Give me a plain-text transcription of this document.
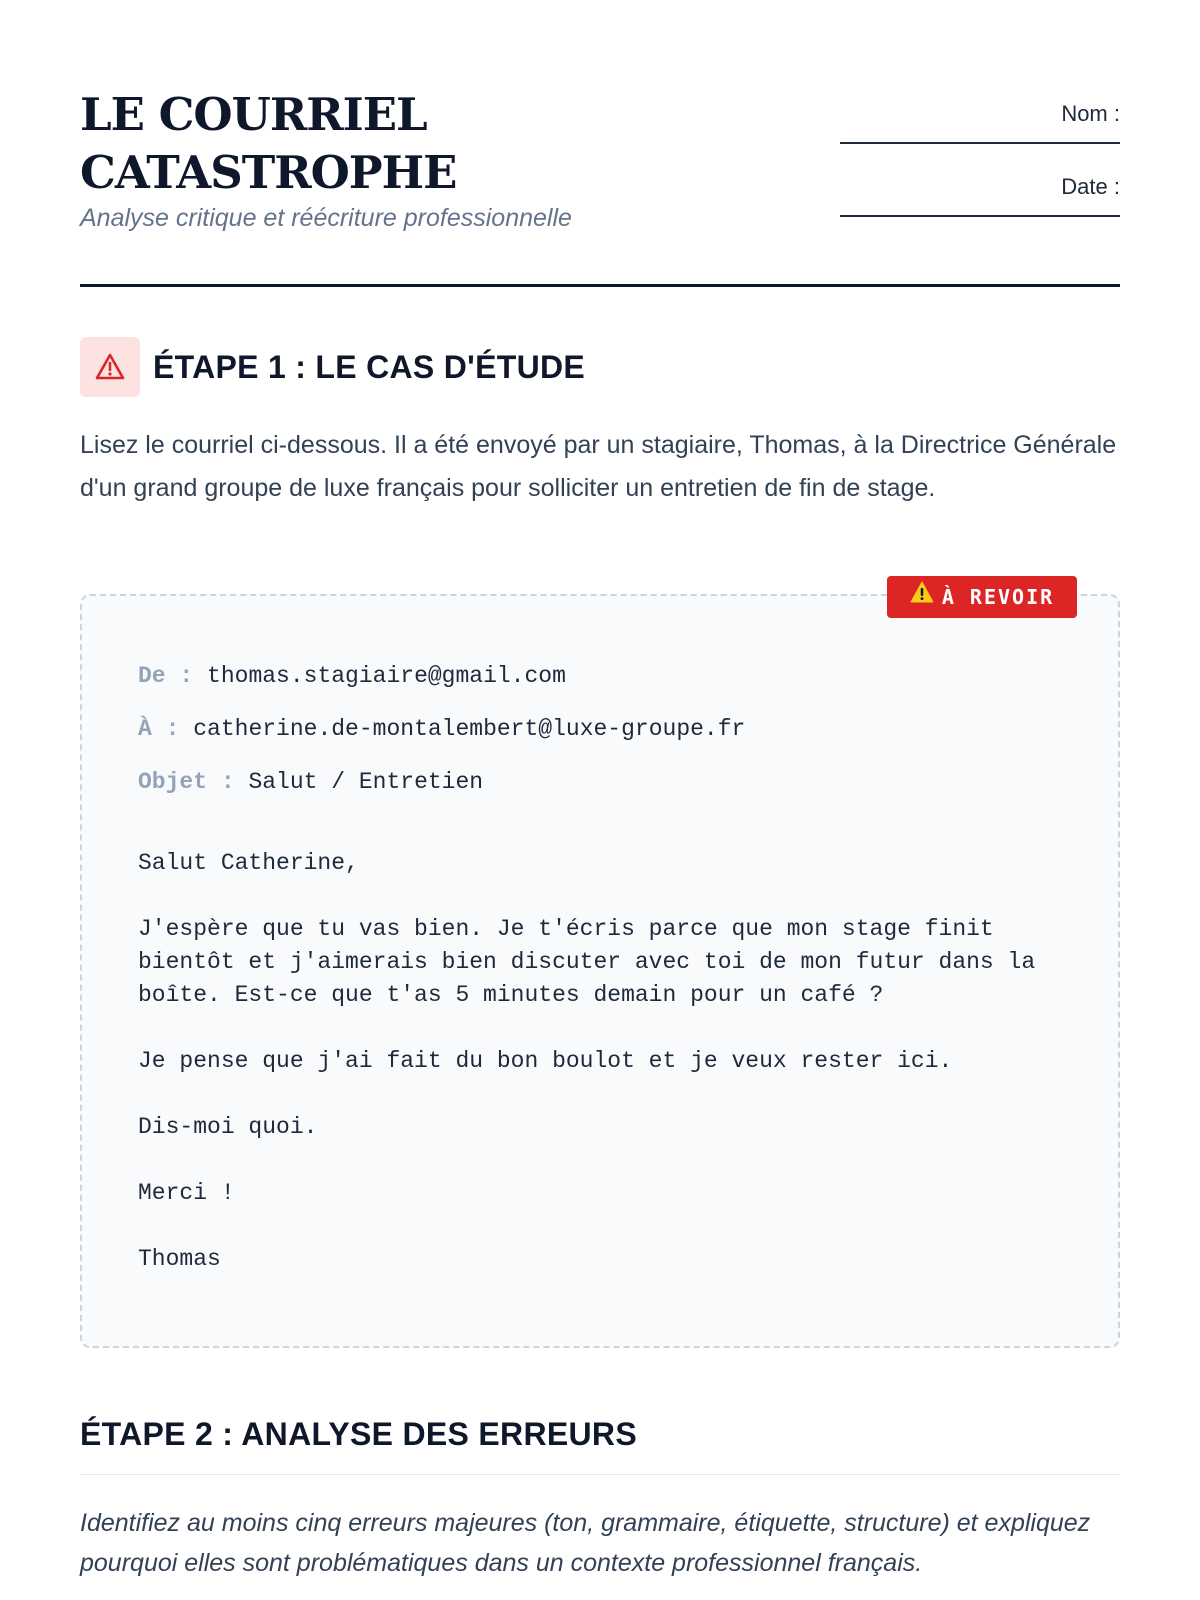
LE COURRIEL CATASTROPHE
Analyse critique et réécriture professionnelle
Nom :
Date :
ÉTAPE 1 : LE CAS D'ÉTUDE

Lisez le courriel ci-dessous. Il a été envoyé par un stagiaire, Thomas, à la Directrice Générale d'un grand groupe de luxe français pour solliciter un entretien de fin de stage.

De : thomas.stagiaire@gmail.com
À : catherine.de-montalembert@luxe-groupe.fr
Objet : Salut / Entretien

Salut Catherine,

J'espère que tu vas bien. Je t'écris parce que mon stage finit bientôt et j'aimerais bien discuter avec toi de mon futur dans la boîte. Est-ce que t'as 5 minutes demain pour un café ?

Je pense que j'ai fait du bon boulot et je veux rester ici.

Dis-moi quoi.

Merci !

Thomas

À REVOIR
ÉTAPE 2 : ANALYSE DES ERREURS

Identifiez au moins cinq erreurs majeures (ton, grammaire, étiquette, structure) et expliquez pourquoi elles sont problématiques dans un contexte professionnel français.
